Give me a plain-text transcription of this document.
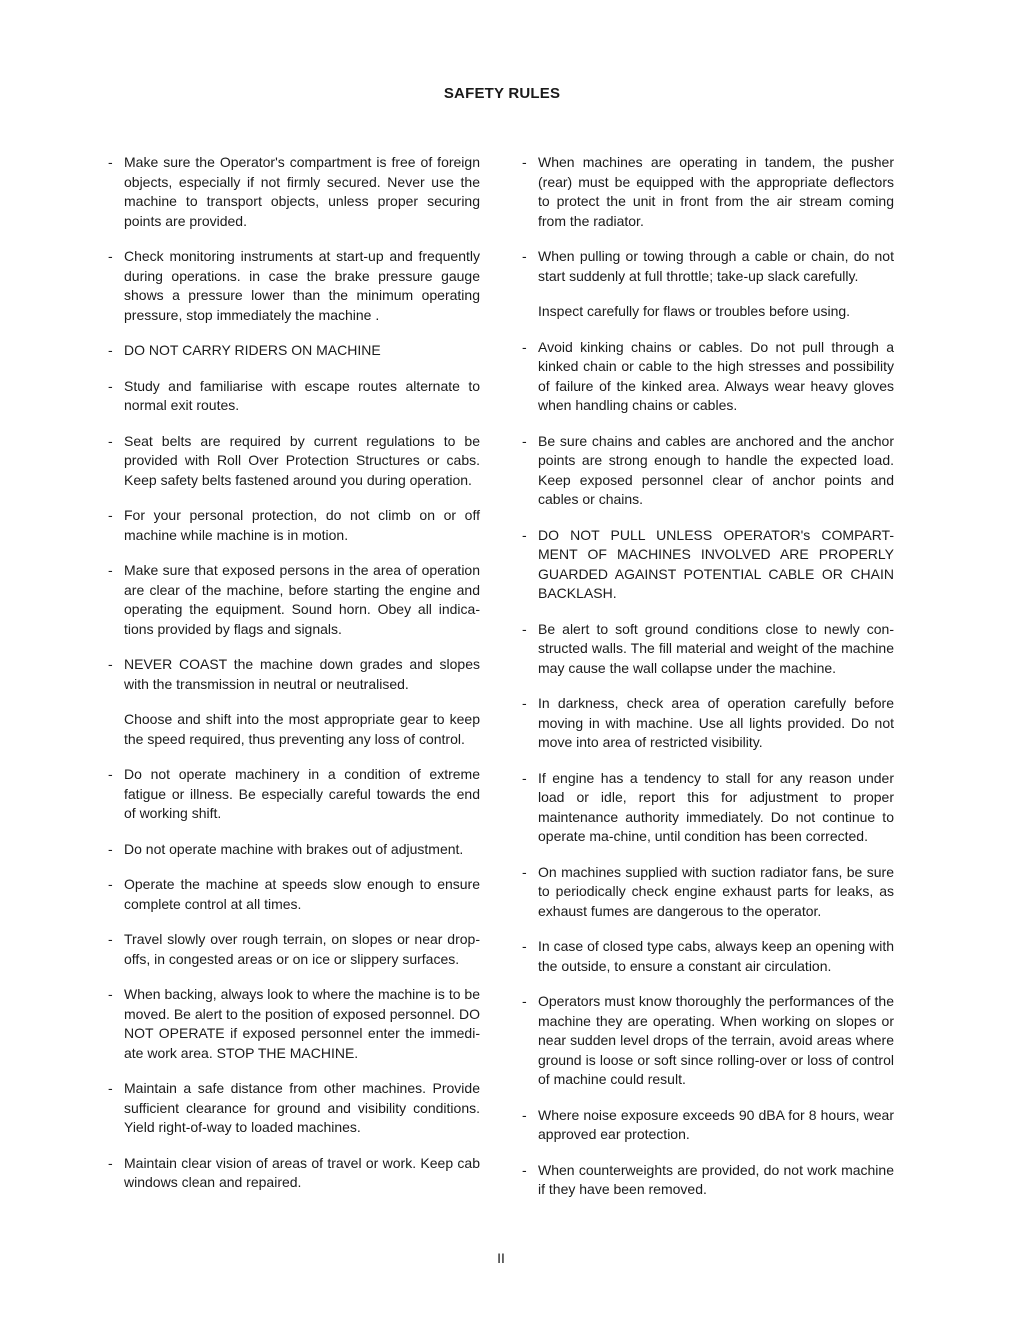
SAFETY RULES
- Make sure the Operator's compartment is free of foreign objects, especially if not firmly secured. Never use the machine to transport objects, unless proper securing points are provided.

- Check monitoring instruments at start-up and frequently during operations. in case the brake pressure gauge shows a pressure lower than the minimum operating pressure, stop immediately the machine .

- DO NOT CARRY RIDERS ON MACHINE

- Study and familiarise with escape routes alternate to normal exit routes.

- Seat belts are required by current regulations to be provided with Roll Over Protection Structures or cabs. Keep safety belts fastened around you during operation.

- For your personal protection, do not climb on or off machine while machine is in motion.

- Make sure that exposed persons in the area of operation are clear of the machine, before starting the engine and operating the equipment. Sound horn. Obey all indica-tions provided by flags and signals.

- NEVER COAST the machine down grades and slopes with the transmission in neutral or neutralised.

Choose and shift into the most appropriate gear to keep the speed required, thus preventing any loss of control.

- Do not operate machinery in a condition of extreme fatigue or illness. Be especially careful towards the end of working shift.

- Do not operate machine with brakes out of adjustment.

- Operate the machine at speeds slow enough to ensure complete control at all times.

- Travel slowly over rough terrain, on slopes or near drop-offs, in congested areas or on ice or slippery surfaces.

- When backing, always look to where the machine is to be moved. Be alert to the position of exposed personnel. DO NOT OPERATE if exposed personnel enter the immedi-ate work area. STOP THE MACHINE.

- Maintain a safe distance from other machines. Provide sufficient clearance for ground and visibility conditions. Yield right-of-way to loaded machines.

- Maintain clear vision of areas of travel or work. Keep cab windows clean and repaired.

- When machines are operating in tandem, the pusher (rear) must be equipped with the appropriate deflectors to protect the unit in front from the air stream coming from the radiator.

- When pulling or towing through a cable or chain, do not start suddenly at full throttle; take-up slack carefully.

Inspect carefully for flaws or troubles before using.

- Avoid kinking chains or cables. Do not pull through a kinked chain or cable to the high stresses and possibility of failure of the kinked area. Always wear heavy gloves when handling chains or cables.

- Be sure chains and cables are anchored and the anchor points are strong enough to handle the expected load. Keep exposed personnel clear of anchor points and cables or chains.

- DO NOT PULL UNLESS OPERATOR's COMPART-MENT OF MACHINES INVOLVED ARE PROPERLY GUARDED AGAINST POTENTIAL CABLE OR CHAIN BACKLASH.

- Be alert to soft ground conditions close to newly con-structed walls. The fill material and weight of the machine may cause the wall collapse under the machine.

- In darkness, check area of operation carefully before moving in with machine. Use all lights provided. Do not move into area of restricted visibility.

- If engine has a tendency to stall for any reason under load or idle, report this for adjustment to proper maintenance authority immediately. Do not continue to operate ma-chine, until condition has been corrected.

- On machines supplied with suction radiator fans, be sure to periodically check engine exhaust parts for leaks, as exhaust fumes are dangerous to the operator.

- In case of closed type cabs, always keep an opening with the outside, to ensure a constant air circulation.

- Operators must know thoroughly the performances of the machine they are operating. When working on slopes or near sudden level drops of the terrain, avoid areas where ground is loose or soft since rolling-over or loss of control of machine could result.

- Where noise exposure exceeds 90 dBA for 8 hours, wear approved ear protection.

- When counterweights are provided, do not work machine if they have been removed.

II
